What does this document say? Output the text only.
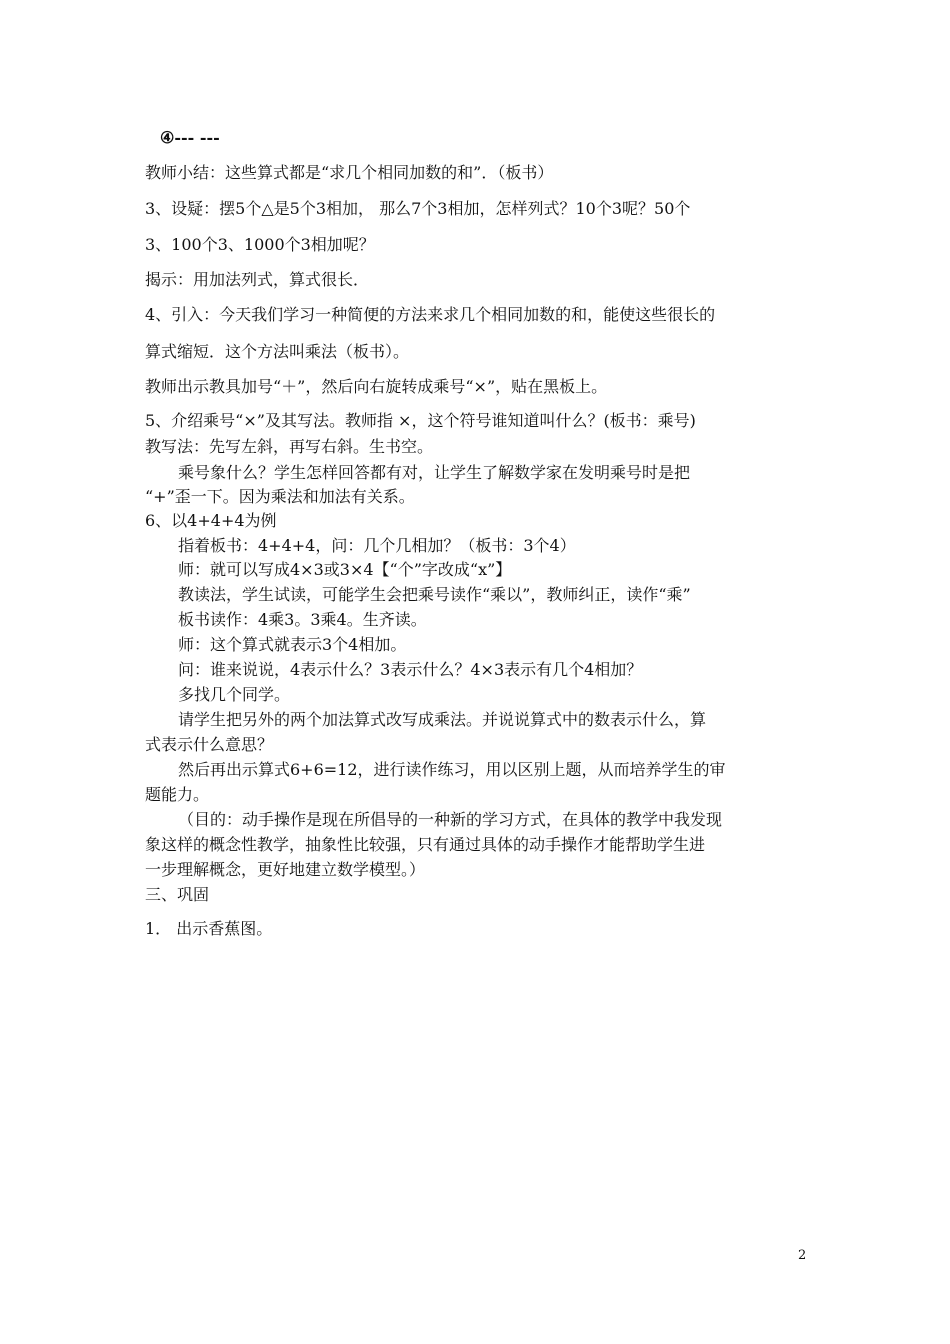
④--- ---
教师小结：这些算式都是“求几个相同加数的和”．（板书）
3、设疑：摆5个△是5个3相加， 那么7个3相加，怎样列式？10个3呢？50个
3、100个3、1000个3相加呢？
揭示：用加法列式，算式很长．
4、引入：今天我们学习一种简便的方法来求几个相同加数的和，能使这些很长的
算式缩短．这个方法叫乘法（板书）。
教师出示教具加号“＋”，然后向右旋转成乘号“×”，贴在黑板上。
5、介绍乘号“×”及其写法。教师指 ×，这个符号谁知道叫什么？(板书：乘号)
教写法：先写左斜，再写右斜。生书空。
乘号象什么？学生怎样回答都有对，让学生了解数学家在发明乘号时是把
“+”歪一下。因为乘法和加法有关系。
6、以4+4+4为例
指着板书：4+4+4，问：几个几相加？（板书：3个4）
师：就可以写成4×3或3×4【“个”字改成“x”】
教读法，学生试读，可能学生会把乘号读作“乘以”，教师纠正，读作“乘”
板书读作：4乘3。3乘4。生齐读。
师：这个算式就表示3个4相加。
问：谁来说说，4表示什么？3表示什么？4×3表示有几个4相加？
多找几个同学。
请学生把另外的两个加法算式改写成乘法。并说说算式中的数表示什么，算
式表示什么意思？
然后再出示算式6+6=12，进行读作练习，用以区别上题，从而培养学生的审
题能力。
（目的：动手操作是现在所倡导的一种新的学习方式，在具体的教学中我发现
象这样的概念性教学，抽象性比较强，只有通过具体的动手操作才能帮助学生进
一步理解概念，更好地建立数学模型。）
三、巩固
1． 出示香蕉图。
2
